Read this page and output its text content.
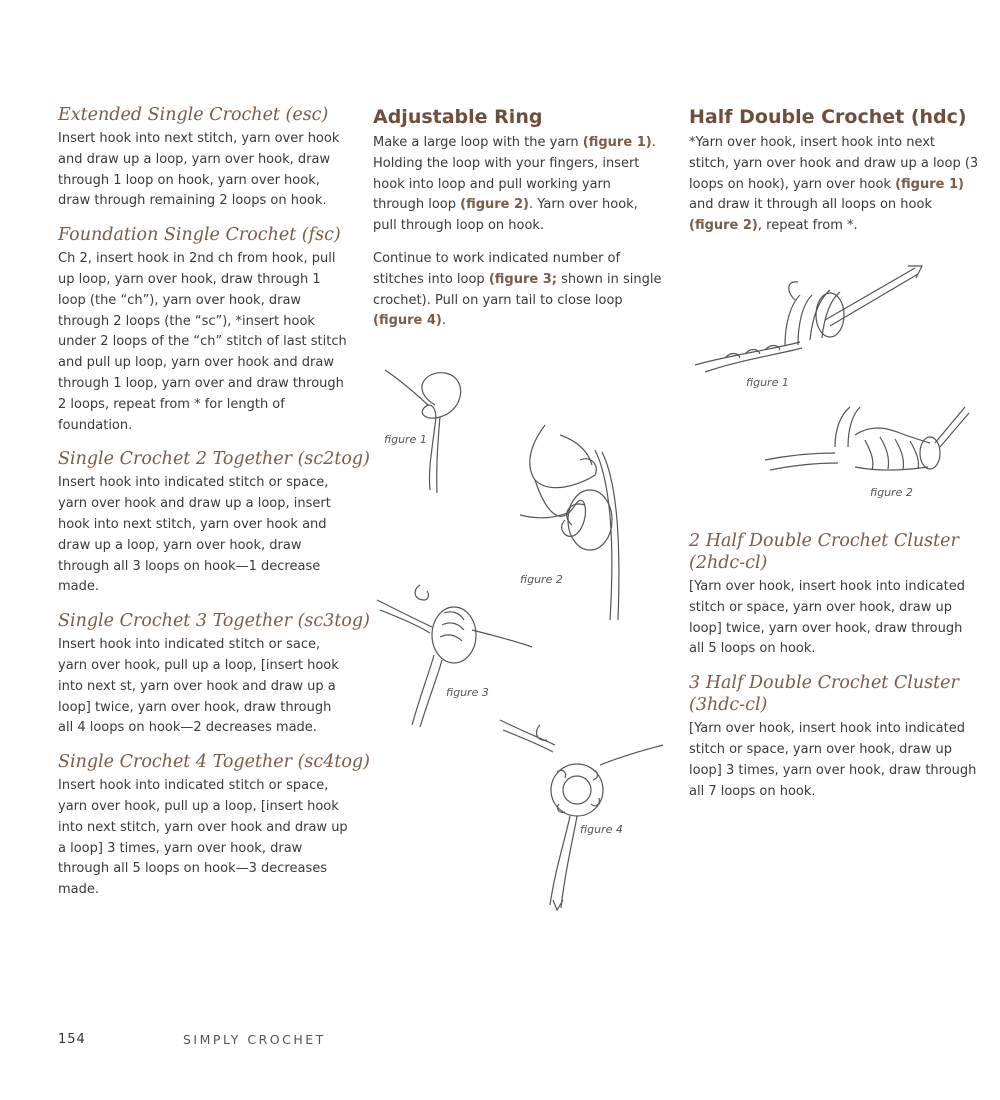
Extended Single Crochet (esc)
Insert hook into next stitch, yarn over hook and draw up a loop, yarn over hook, draw through 1 loop on hook, yarn over hook, draw through remaining 2 loops on hook.
Foundation Single Crochet (fsc)
Ch 2, insert hook in 2nd ch from hook, pull up loop, yarn over hook, draw through 1 loop (the “ch”), yarn over hook, draw through 2 loops (the “sc”), *insert hook under 2 loops of the “ch” stitch of last stitch and pull up loop, yarn over hook and draw through 1 loop, yarn over and draw through 2 loops, repeat from * for length of foundation.
Single Crochet 2 Together (sc2tog)
Insert hook into indicated stitch or space, yarn over hook and draw up a loop, insert hook into next stitch, yarn over hook and draw up a loop, yarn over hook, draw through all 3 loops on hook—1 decrease made.
Single Crochet 3 Together (sc3tog)
Insert hook into indicated stitch or sace, yarn over hook, pull up a loop, [insert hook into next st, yarn over hook and draw up a loop] twice, yarn over hook, draw through all 4 loops on hook—2 decreases made.
Single Crochet 4 Together (sc4tog)
Insert hook into indicated stitch or space, yarn over hook, pull up a loop, [insert hook into next stitch, yarn over hook and draw up a loop] 3 times, yarn over hook, draw through all 5 loops on hook—3 decreases made.
Adjustable Ring
Make a large loop with the yarn (figure 1). Holding the loop with your fingers, insert hook into loop and pull working yarn through loop (figure 2). Yarn over hook, pull through loop on hook.
Continue to work indicated number of stitches into loop (figure 3; shown in single crochet). Pull on yarn tail to close loop (figure 4).
figure 1
figure 2
figure 3
figure 4
Half Double Crochet (hdc)
*Yarn over hook, insert hook into next stitch, yarn over hook and draw up a loop (3 loops on hook), yarn over hook (figure 1) and draw it through all loops on hook (figure 2), repeat from *.
figure 1
figure 2
2 Half Double Crochet Cluster (2hdc-cl)
[Yarn over hook, insert hook into indicated stitch or space, yarn over hook, draw up loop] twice, yarn over hook, draw through all 5 loops on hook.
3 Half Double Crochet Cluster (3hdc-cl)
[Yarn over hook, insert hook into indicated stitch or space, yarn over hook, draw up loop] 3 times, yarn over hook, draw through all 7 loops on hook.
154	SIMPLY CROCHET
